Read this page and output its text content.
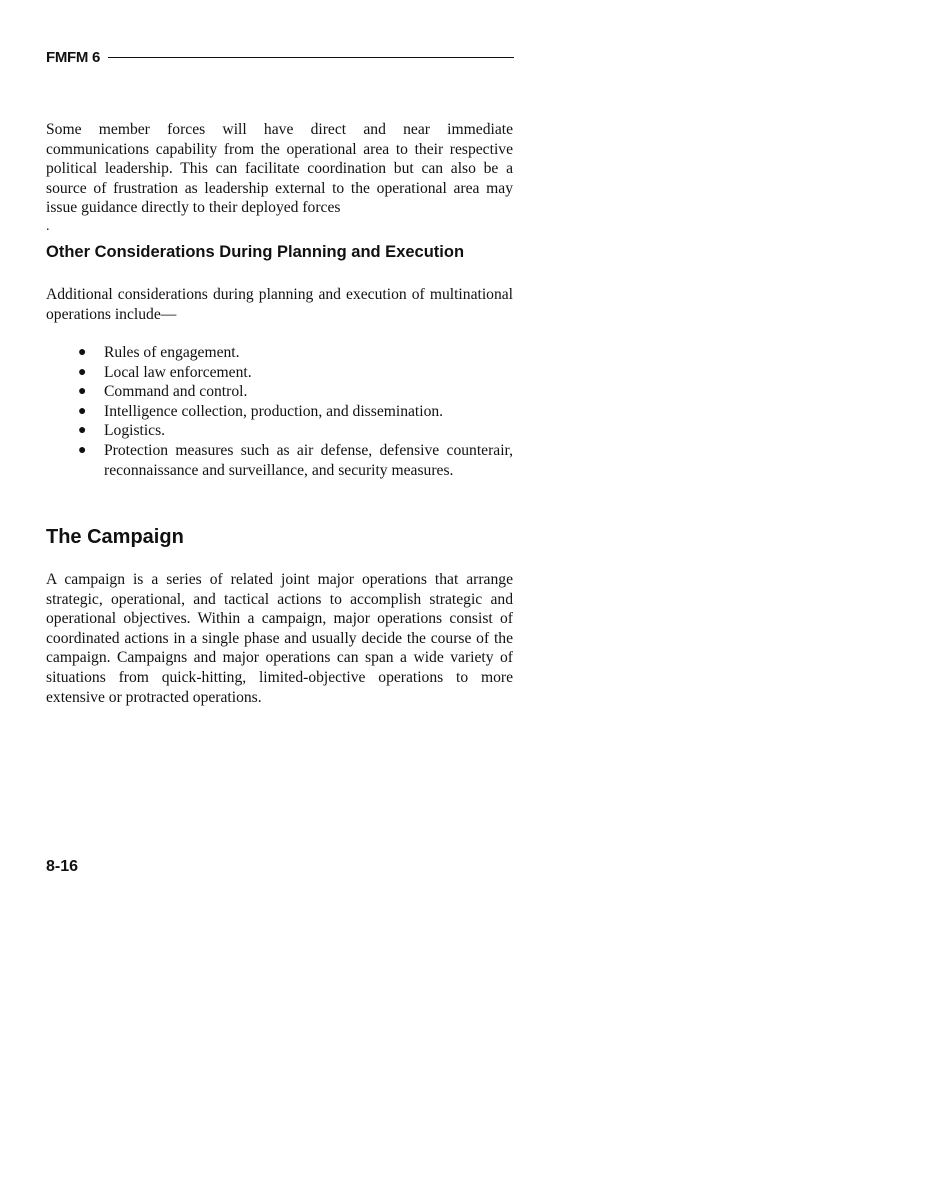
FMFM 6

Some member forces will have direct and near immediate communications capability from the operational area to their respective political leadership. This can facilitate coordination but can also be a source of frustration as leadership external to the operational area may issue guidance directly to their deployed forces

.
Other Considerations During Planning and Execution

Additional considerations during planning and execution of multinational operations include—

●	Rules of engagement.
●	Local law enforcement.
●	Command and control.
●	Intelligence collection, production, and dissemination.
●	Logistics.
●	Protection measures such as air defense, defensive counterair, reconnaissance and surveillance, and security measures.
The Campaign

A campaign is a series of related joint major operations that arrange strategic, operational, and tactical actions to accomplish strategic and operational objectives. Within a campaign, major operations consist of coordinated actions in a single phase and usually decide the course of the campaign. Campaigns and major operations can span a wide variety of situations from quick-hitting, limited-objective operations to more extensive or protracted operations.

8-16
